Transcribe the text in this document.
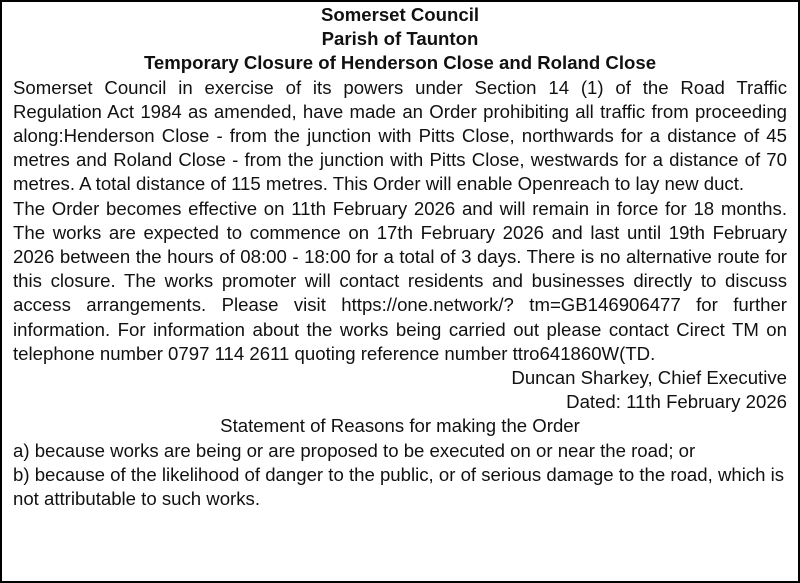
Somerset Council

Parish of Taunton

Temporary Closure of Henderson Close and Roland Close

Somerset Council in exercise of its powers under Section 14 (1) of the Road Traffic Regulation Act 1984 as amended, have made an Order prohibiting all traffic from proceeding along:Henderson Close - from the junction with Pitts Close, northwards for a distance of 45 metres and Roland Close - from the junction with Pitts Close, westwards for a distance of 70 metres. A total distance of 115 metres. This Order will enable Openreach to lay new duct.

The Order becomes effective on 11th February 2026 and will remain in force for 18 months. The works are expected to commence on 17th February 2026 and last until 19th February 2026 between the hours of 08:00 - 18:00 for a total of 3 days. There is no alternative route for this closure. The works promoter will contact residents and businesses directly to discuss access arrangements. Please visit https://one.network/? tm=GB146906477 for further information. For information about the works being carried out please contact Cirect TM on telephone number 0797 114 2611 quoting reference number ttro641860W(TD.

Duncan Sharkey, Chief Executive

Dated: 11th February 2026

Statement of Reasons for making the Order

a) because works are being or are proposed to be executed on or near the road; or

b) because of the likelihood of danger to the public, or of serious damage to the road, which is not attributable to such works.
